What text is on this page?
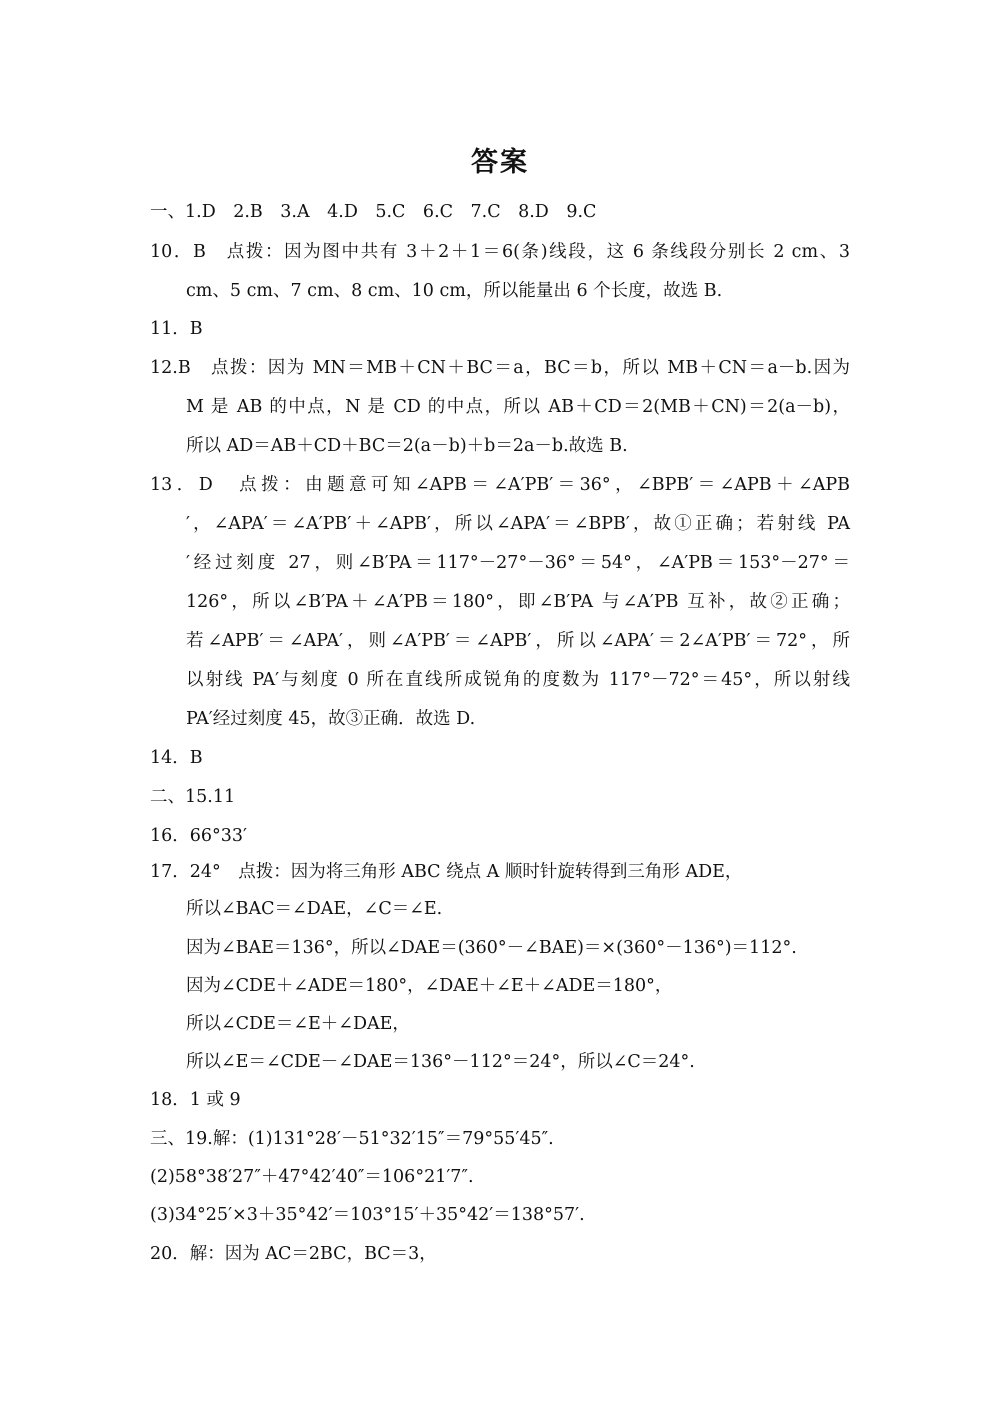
答案
一、1.D　2.B　3.A　4.D　5.C　6.C　7.C　8.D　9.C
10．B　点拨：因为图中共有 3＋2＋1＝6(条)线段，这 6 条线段分别长 2 cm、3
cm、5 cm、7 cm、8 cm、10 cm，所以能量出 6 个长度，故选 B.
11．B
12.B　点拨：因为 MN＝MB＋CN＋BC＝a，BC＝b，所以 MB＋CN＝a－b.因为
M 是 AB 的中点，N 是 CD 的中点，所以 AB＋CD＝2(MB＋CN)＝2(a－b)，
所以 AD＝AB＋CD＋BC＝2(a－b)＋b＝2a－b.故选 B.
13．D　点拨：由题意可知∠APB＝∠A′PB′＝36°，∠BPB′＝∠APB＋∠APB
′，∠APA′＝∠A′PB′＋∠APB′，所以∠APA′＝∠BPB′，故①正确；若射线 PA
′经过刻度 27，则∠B′PA＝117°－27°－36°＝54°，∠A′PB＝153°－27°＝
126°，所以∠B′PA＋∠A′PB＝180°，即∠B′PA 与∠A′PB 互补，故②正确；
若∠APB′＝∠APA′，则∠A′PB′＝∠APB′，所以∠APA′＝2∠A′PB′＝72°，所
以射线 PA′与刻度 0 所在直线所成锐角的度数为 117°－72°＝45°，所以射线
PA′经过刻度 45，故③正确．故选 D.
14．B
二、15.11
16．66°33′
17．24°　点拨：因为将三角形 ABC 绕点 A 顺时针旋转得到三角形 ADE，
所以∠BAC＝∠DAE，∠C＝∠E.
因为∠BAE＝136°，所以∠DAE＝(360°－∠BAE)＝×(360°－136°)＝112°.
因为∠CDE＋∠ADE＝180°，∠DAE＋∠E＋∠ADE＝180°，
所以∠CDE＝∠E＋∠DAE，
所以∠E＝∠CDE－∠DAE＝136°－112°＝24°，所以∠C＝24°.
18．1 或 9
三、19.解：(1)131°28′－51°32′15″＝79°55′45″.
(2)58°38′27″＋47°42′40″＝106°21′7″.
(3)34°25′×3＋35°42′＝103°15′＋35°42′＝138°57′.
20．解：因为 AC＝2BC，BC＝3，
